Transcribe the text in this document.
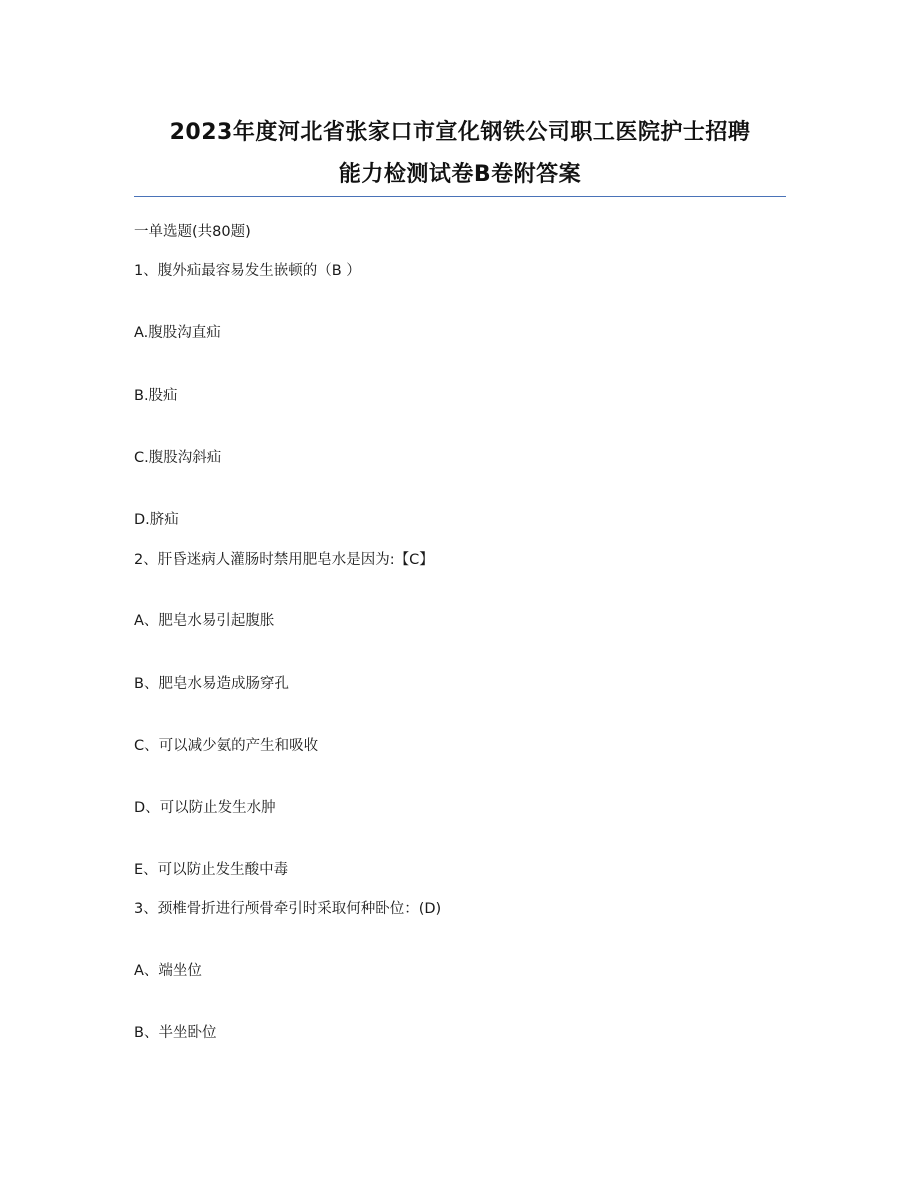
2023年度河北省张家口市宣化钢铁公司职工医院护士招聘
能力检测试卷B卷附答案
一单选题(共80题)
1、腹外疝最容易发生嵌顿的（B ）
A.腹股沟直疝
B.股疝
C.腹股沟斜疝
D.脐疝
2、肝昏迷病人灌肠时禁用肥皂水是因为:【C】
A、肥皂水易引起腹胀
B、肥皂水易造成肠穿孔
C、可以减少氨的产生和吸收
D、可以防止发生水肿
E、可以防止发生酸中毒
3、颈椎骨折进行颅骨牵引时采取何种卧位：(D)
A、端坐位
B、半坐卧位
